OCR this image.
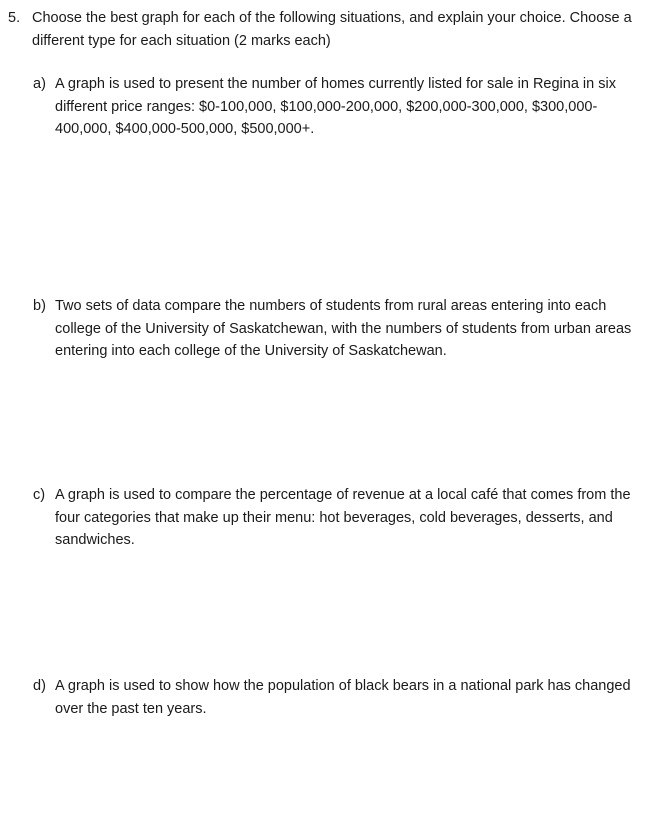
5. Choose the best graph for each of the following situations, and explain your choice. Choose a different type for each situation (2 marks each)
a) A graph is used to present the number of homes currently listed for sale in Regina in six different price ranges: $0-100,000, $100,000-200,000, $200,000-300,000, $300,000-400,000, $400,000-500,000, $500,000+.
b) Two sets of data compare the numbers of students from rural areas entering into each college of the University of Saskatchewan, with the numbers of students from urban areas entering into each college of the University of Saskatchewan.
c) A graph is used to compare the percentage of revenue at a local café that comes from the four categories that make up their menu: hot beverages, cold beverages, desserts, and sandwiches.
d) A graph is used to show how the population of black bears in a national park has changed over the past ten years.
